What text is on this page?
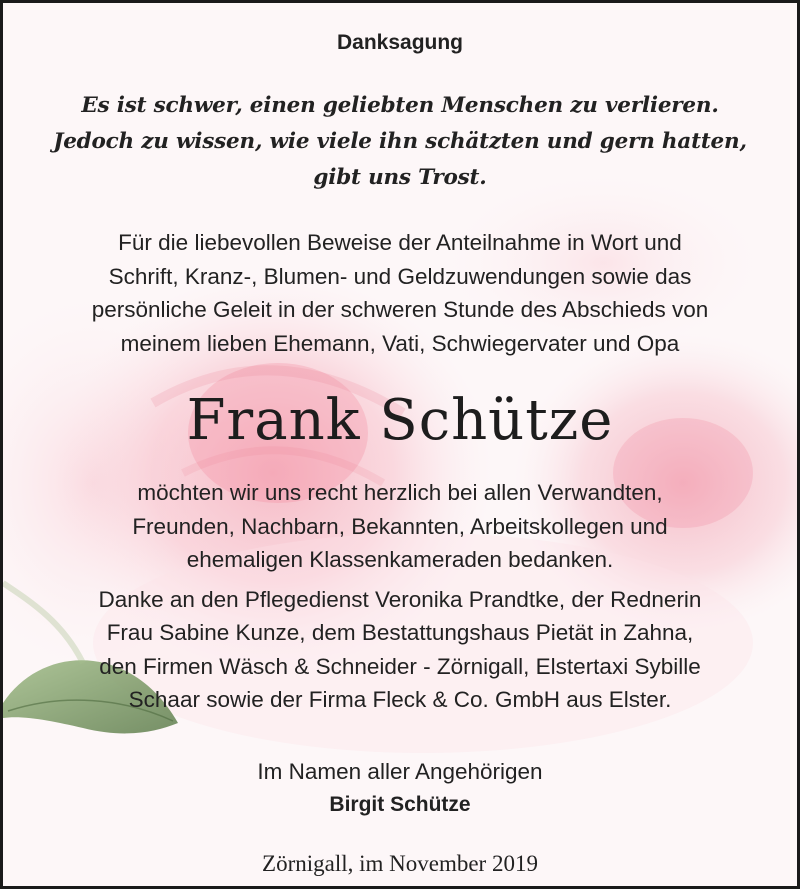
Danksagung
Es ist schwer, einen geliebten Menschen zu verlieren.
Jedoch zu wissen, wie viele ihn schätzten und gern hatten,
gibt uns Trost.
Für die liebevollen Beweise der Anteilnahme in Wort und
Schrift, Kranz-, Blumen- und Geldzuwendungen sowie das
persönliche Geleit in der schweren Stunde des Abschieds von
meinem lieben Ehemann, Vati, Schwiegervater und Opa
Frank Schütze
möchten wir uns recht herzlich bei allen Verwandten,
Freunden, Nachbarn, Bekannten, Arbeitskollegen und
ehemaligen Klassenkameraden bedanken.
Danke an den Pflegedienst Veronika Prandtke, der Rednerin
Frau Sabine Kunze, dem Bestattungshaus Pietät in Zahna,
den Firmen Wäsch & Schneider - Zörnigall, Elstertaxi Sybille
Schaar sowie der Firma Fleck & Co. GmbH aus Elster.
Im Namen aller Angehörigen
Birgit Schütze
Zörnigall, im November 2019
